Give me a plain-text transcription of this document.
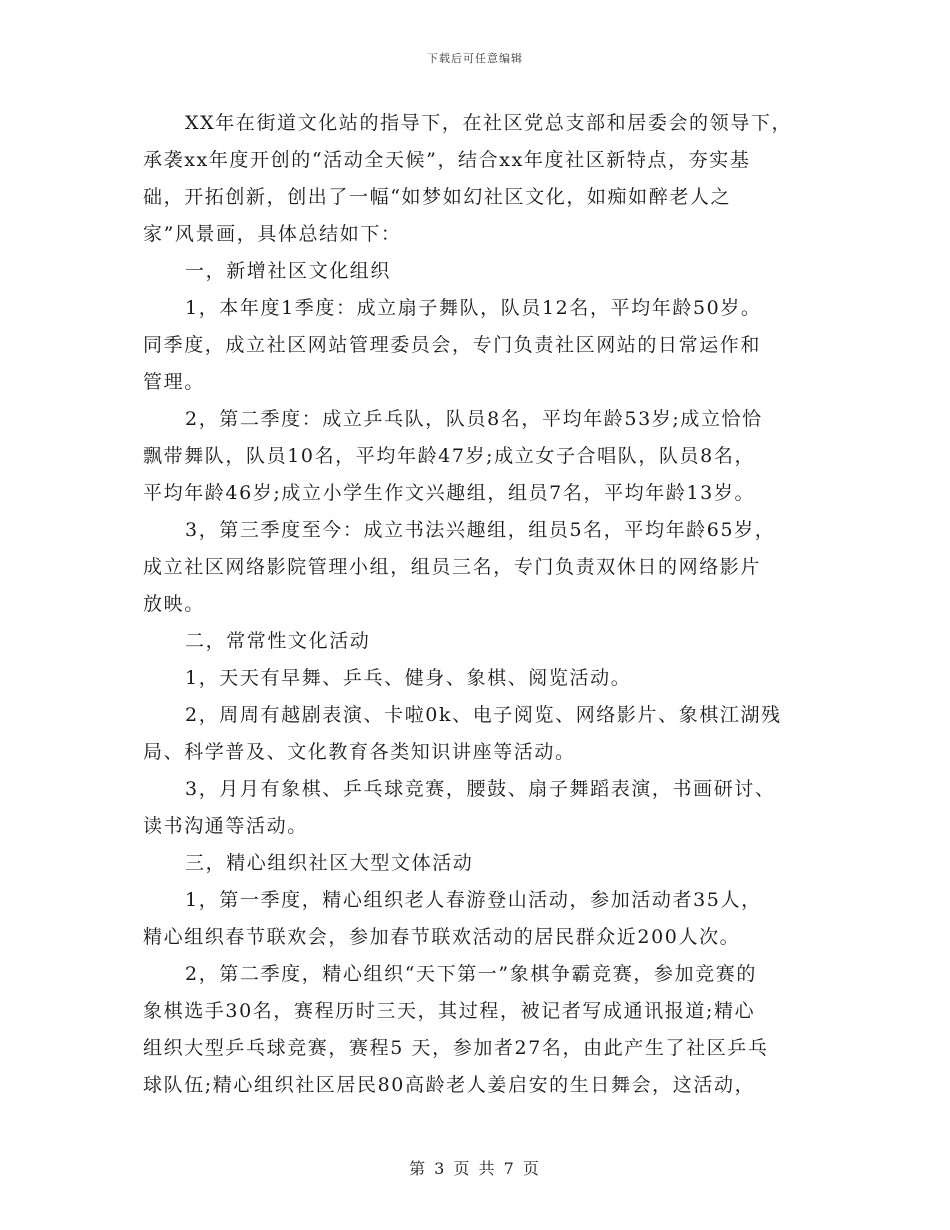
下载后可任意编辑
XX年在街道文化站的指导下，在社区党总支部和居委会的领导下，
承袭xx年度开创的“活动全天候”，结合xx年度社区新特点，夯实基
础，开拓创新，创出了一幅“如梦如幻社区文化，如痴如醉老人之
家”风景画，具体总结如下：
一，新增社区文化组织
1，本年度1季度：成立扇子舞队，队员12名，平均年龄50岁。
同季度，成立社区网站管理委员会，专门负责社区网站的日常运作和
管理。
2，第二季度：成立乒乓队，队员8名，平均年龄53岁;成立恰恰
飘带舞队，队员10名，平均年龄47岁;成立女子合唱队，队员8名，
平均年龄46岁;成立小学生作文兴趣组，组员7名，平均年龄13岁。
3，第三季度至今：成立书法兴趣组，组员5名，平均年龄65岁，
成立社区网络影院管理小组，组员三名，专门负责双休日的网络影片
放映。
二，常常性文化活动
1，天天有早舞、乒乓、健身、象棋、阅览活动。
2，周周有越剧表演、卡啦0k、电子阅览、网络影片、象棋江湖残
局、科学普及、文化教育各类知识讲座等活动。
3，月月有象棋、乒乓球竞赛，腰鼓、扇子舞蹈表演，书画研讨、
读书沟通等活动。
三，精心组织社区大型文体活动
1，第一季度，精心组织老人春游登山活动，参加活动者35人，
精心组织春节联欢会，参加春节联欢活动的居民群众近200人次。
2，第二季度，精心组织“天下第一”象棋争霸竞赛，参加竞赛的
象棋选手30名，赛程历时三天，其过程，被记者写成通讯报道;精心
组织大型乒乓球竞赛，赛程5 天，参加者27名，由此产生了社区乒乓
球队伍;精心组织社区居民80高龄老人姜启安的生日舞会，这活动，
第 3 页 共 7 页
